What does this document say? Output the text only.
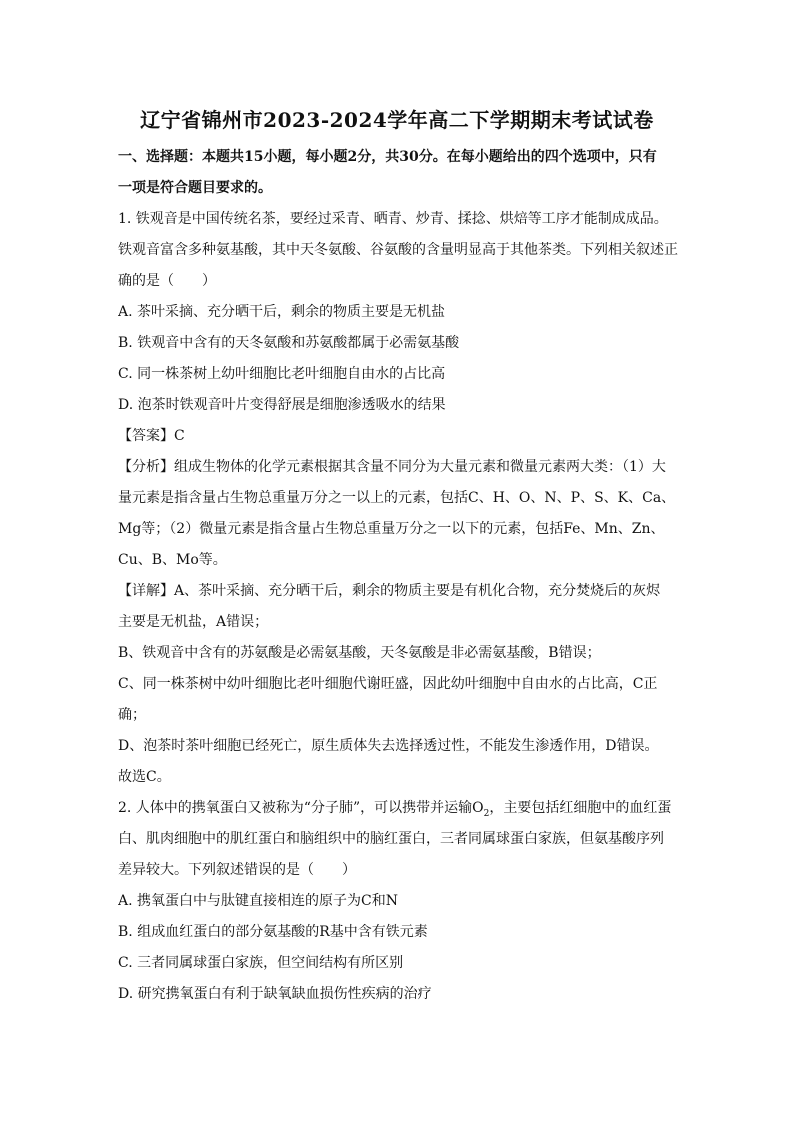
辽宁省锦州市2023-2024学年高二下学期期末考试试卷
一、选择题：本题共15小题，每小题2分，共30分。在每小题给出的四个选项中，只有
一项是符合题目要求的。
1. 铁观音是中国传统名茶，要经过采青、晒青、炒青、揉捻、烘焙等工序才能制成成品。
铁观音富含多种氨基酸，其中天冬氨酸、谷氨酸的含量明显高于其他茶类。下列相关叙述正
确的是（　　）
A. 茶叶采摘、充分晒干后，剩余的物质主要是无机盐
B. 铁观音中含有的天冬氨酸和苏氨酸都属于必需氨基酸
C. 同一株茶树上幼叶细胞比老叶细胞自由水的占比高
D. 泡茶时铁观音叶片变得舒展是细胞渗透吸水的结果
【答案】C
【分析】组成生物体的化学元素根据其含量不同分为大量元素和微量元素两大类：（1）大
量元素是指含量占生物总重量万分之一以上的元素，包括C、H、O、N、P、S、K、Ca、
Mg等；（2）微量元素是指含量占生物总重量万分之一以下的元素，包括Fe、Mn、Zn、
Cu、B、Mo等。
【详解】A、茶叶采摘、充分晒干后，剩余的物质主要是有机化合物，充分焚烧后的灰烬
主要是无机盐，A错误；
B、铁观音中含有的苏氨酸是必需氨基酸，天冬氨酸是非必需氨基酸，B错误；
C、同一株茶树中幼叶细胞比老叶细胞代谢旺盛，因此幼叶细胞中自由水的占比高，C正
确；
D、泡茶时茶叶细胞已经死亡，原生质体失去选择透过性，不能发生渗透作用，D错误。
故选C。
2. 人体中的携氧蛋白又被称为“分子肺”，可以携带并运输$O_2$，主要包括红细胞中的血红蛋
白、肌肉细胞中的肌红蛋白和脑组织中的脑红蛋白，三者同属球蛋白家族，但氨基酸序列
差异较大。下列叙述错误的是（　　）
A. 携氧蛋白中与肽键直接相连的原子为C和N
B. 组成血红蛋白的部分氨基酸的R基中含有铁元素
C. 三者同属球蛋白家族，但空间结构有所区别
D. 研究携氧蛋白有利于缺氧缺血损伤性疾病的治疗
